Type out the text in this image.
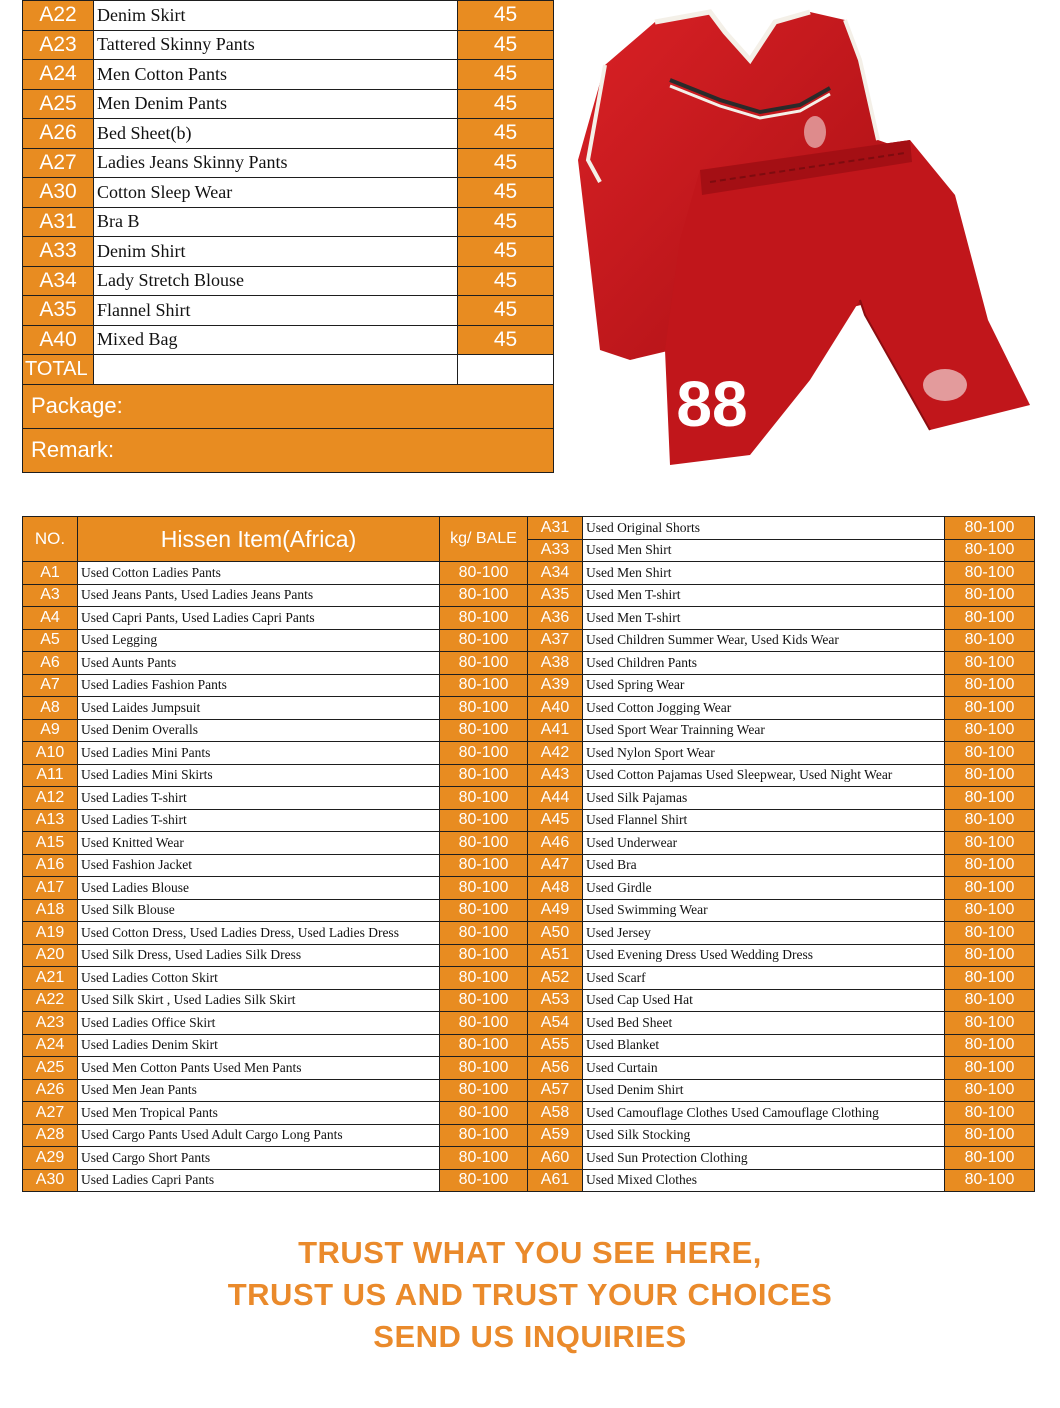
A22	Denim Skirt	45
A23	Tattered Skinny Pants	45
A24	Men Cotton Pants	45
A25	Men Denim Pants	45
A26	Bed Sheet(b)	45
A27	Ladies Jeans Skinny Pants	45
A30	Cotton Sleep Wear	45
A31	Bra B	45
A33	Denim Shirt	45
A34	Lady Stretch Blouse	45
A35	Flannel Shirt	45
A40	Mixed Bag	45
TOTAL		
Package:		
Remark:		
88
NO.	Hissen Item(Africa)	kg/ BALE	A31	Used Original Shorts	80-100
			A33	Used Men Shirt	80-100
A1	Used Cotton Ladies Pants	80-100	A34	Used Men Shirt	80-100
A3	Used Jeans Pants, Used Ladies Jeans Pants	80-100	A35	Used Men T-shirt	80-100
A4	Used Capri Pants, Used Ladies Capri Pants	80-100	A36	Used Men T-shirt	80-100
A5	Used Legging	80-100	A37	Used Children Summer Wear, Used Kids Wear	80-100
A6	Used Aunts Pants	80-100	A38	Used Children Pants	80-100
A7	Used Ladies Fashion Pants	80-100	A39	Used Spring Wear	80-100
A8	Used Laides Jumpsuit	80-100	A40	Used Cotton Jogging Wear	80-100
A9	Used Denim Overalls	80-100	A41	Used Sport Wear Trainning Wear	80-100
A10	Used Ladies Mini Pants	80-100	A42	Used Nylon Sport Wear	80-100
A11	Used Ladies Mini Skirts	80-100	A43	Used Cotton Pajamas Used Sleepwear, Used Night Wear	80-100
A12	Used Ladies T-shirt	80-100	A44	Used Silk Pajamas	80-100
A13	Used Ladies T-shirt	80-100	A45	Used Flannel Shirt	80-100
A15	Used Knitted Wear	80-100	A46	Used Underwear	80-100
A16	Used Fashion Jacket	80-100	A47	Used Bra	80-100
A17	Used Ladies Blouse	80-100	A48	Used Girdle	80-100
A18	Used Silk Blouse	80-100	A49	Used Swimming Wear	80-100
A19	Used Cotton Dress, Used Ladies Dress, Used Ladies Dress	80-100	A50	Used Jersey	80-100
A20	Used Silk Dress, Used Ladies Silk Dress	80-100	A51	Used Evening Dress Used Wedding Dress	80-100
A21	Used Ladies Cotton Skirt	80-100	A52	Used Scarf	80-100
A22	Used Silk Skirt , Used Ladies Silk Skirt	80-100	A53	Used Cap Used Hat	80-100
A23	Used Ladies Office Skirt	80-100	A54	Used Bed Sheet	80-100
A24	Used Ladies Denim Skirt	80-100	A55	Used Blanket	80-100
A25	Used Men Cotton Pants Used Men Pants	80-100	A56	Used Curtain	80-100
A26	Used Men Jean Pants	80-100	A57	Used Denim Shirt	80-100
A27	Used Men Tropical Pants	80-100	A58	Used Camouflage Clothes Used Camouflage Clothing	80-100
A28	Used Cargo Pants Used Adult Cargo Long Pants	80-100	A59	Used Silk Stocking	80-100
A29	Used Cargo Short Pants	80-100	A60	Used Sun Protection Clothing	80-100
A30	Used Ladies Capri Pants	80-100	A61	Used Mixed Clothes	80-100
TRUST WHAT YOU SEE HERE,
TRUST US AND TRUST YOUR CHOICES
SEND US INQUIRIES
